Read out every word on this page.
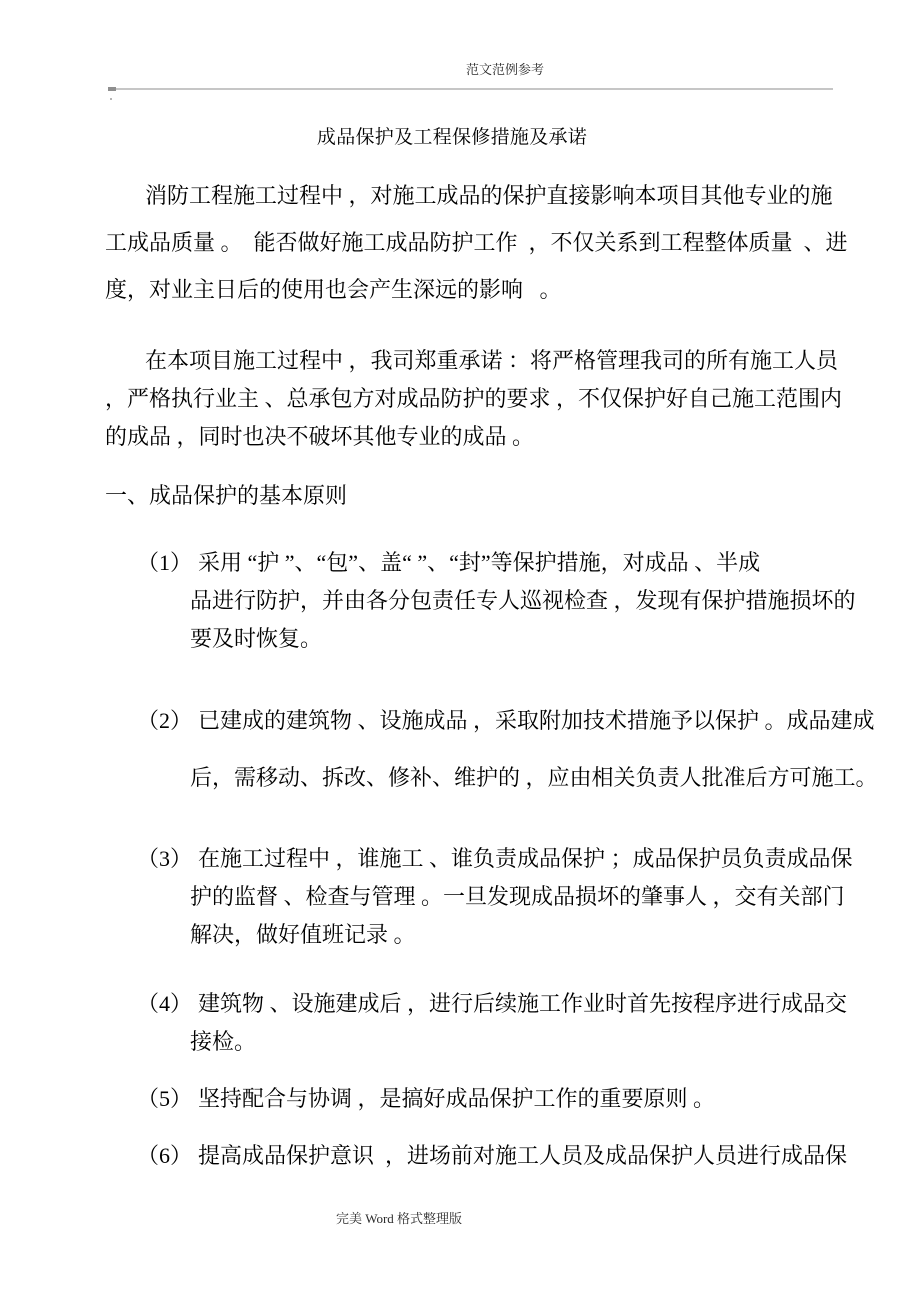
范文范例参考
成品保护及工程保修措施及承诺
消防工程施工过程中 ，对施工成品的保护直接影响本项目其他专业的施
工成品质量 。  能否做好施工成品防护工作  ，不仅关系到工程整体质量  、进
度，对业主日后的使用也会产生深远的影响   。
在本项目施工过程中 ，我司郑重承诺 ：将严格管理我司的所有施工人员
，严格执行业主 、总承包方对成品防护的要求 ，不仅保护好自己施工范围内
的成品 ，同时也决不破坏其他专业的成品 。
一、成品保护的基本原则
（1） 采用 “护 ”、“包”、盖“ ”、“封”等保护措施，对成品 、半成
品进行防护，并由各分包责任专人巡视检查 ，发现有保护措施损坏的
要及时恢复。
（2） 已建成的建筑物 、设施成品 ，采取附加技术措施予以保护 。成品建成
后，需移动、拆改、修补、维护的 ，应由相关负责人批准后方可施工。
（3） 在施工过程中 ，谁施工 、谁负责成品保护 ；成品保护员负责成品保
护的监督 、检查与管理 。一旦发现成品损坏的肇事人 ，交有关部门
解决，做好值班记录 。
（4） 建筑物 、设施建成后 ，进行后续施工作业时首先按程序进行成品交
接检。
（5） 坚持配合与协调 ，是搞好成品保护工作的重要原则 。
（6） 提高成品保护意识  ，进场前对施工人员及成品保护人员进行成品保
完美 Word 格式整理版
